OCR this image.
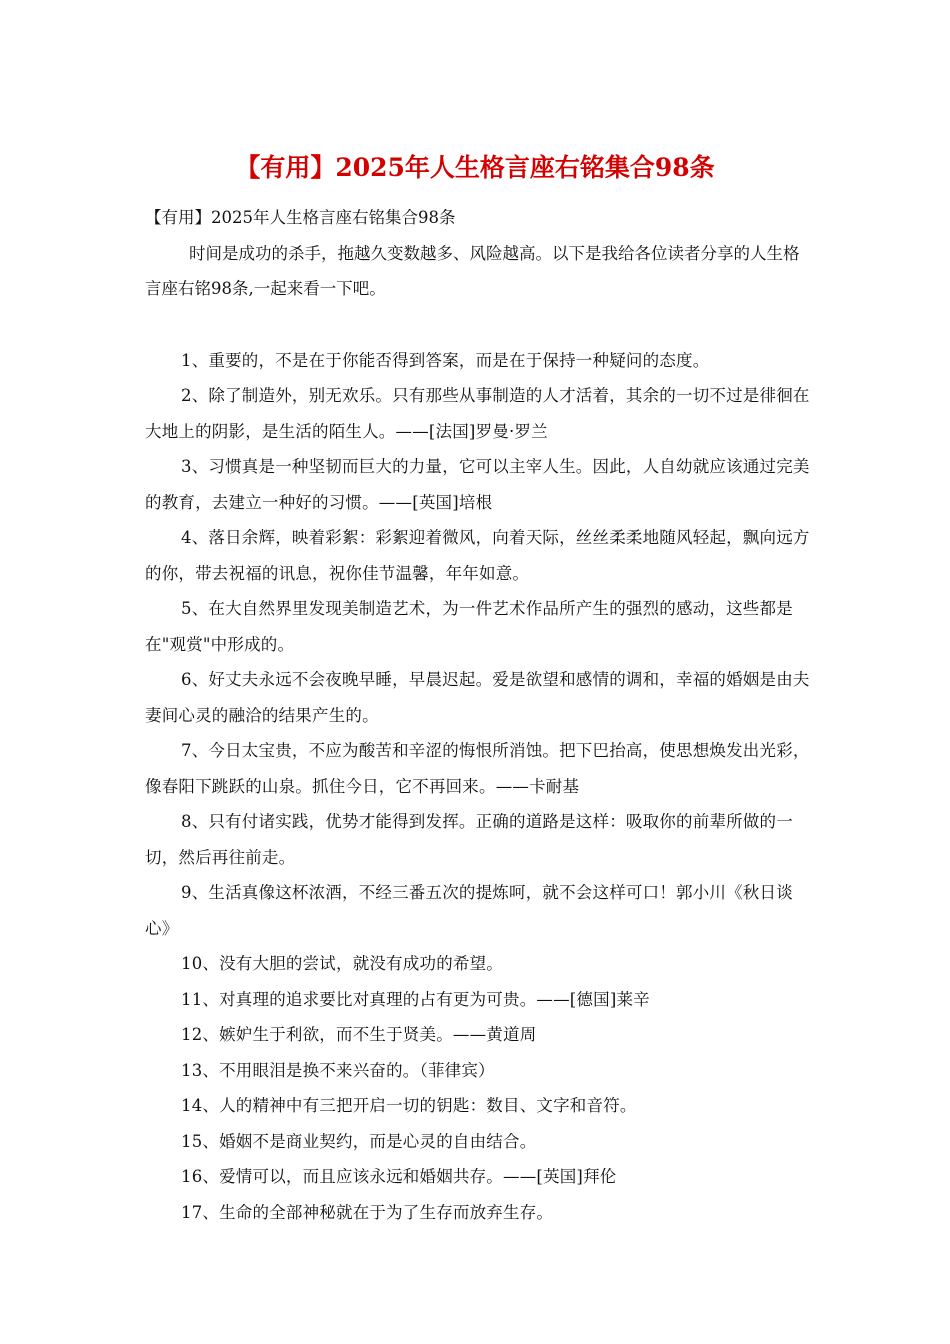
【有用】2025年人生格言座右铭集合98条

【有用】2025年人生格言座右铭集合98条

时间是成功的杀手，拖越久变数越多、风险越高。以下是我给各位读者分享的人生格言座右铭98条,一起来看一下吧。

1、重要的，不是在于你能否得到答案，而是在于保持一种疑问的态度。

2、除了制造外，别无欢乐。只有那些从事制造的人才活着，其余的一切不过是徘徊在大地上的阴影，是生活的陌生人。——[法国]罗曼·罗兰

3、习惯真是一种坚韧而巨大的力量，它可以主宰人生。因此，人自幼就应该通过完美的教育，去建立一种好的习惯。——[英国]培根

4、落日余辉，映着彩絮：彩絮迎着微风，向着天际，丝丝柔柔地随风轻起，飘向远方的你，带去祝福的讯息，祝你佳节温馨，年年如意。

5、在大自然界里发现美制造艺术，为一件艺术作品所产生的强烈的感动，这些都是在"观赏"中形成的。

6、好丈夫永远不会夜晚早睡，早晨迟起。爱是欲望和感情的调和，幸福的婚姻是由夫妻间心灵的融洽的结果产生的。

7、今日太宝贵，不应为酸苦和辛涩的悔恨所消蚀。把下巴抬高，使思想焕发出光彩，像春阳下跳跃的山泉。抓住今日，它不再回来。——卡耐基

8、只有付诸实践，优势才能得到发挥。正确的道路是这样：吸取你的前辈所做的一切，然后再往前走。

9、生活真像这杯浓酒，不经三番五次的提炼呵，就不会这样可口！郭小川《秋日谈心》

10、没有大胆的尝试，就没有成功的希望。

11、对真理的追求要比对真理的占有更为可贵。——[德国]莱辛

12、嫉妒生于利欲，而不生于贤美。——黄道周

13、不用眼泪是换不来兴奋的。（菲律宾）

14、人的精神中有三把开启一切的钥匙：数目、文字和音符。

15、婚姻不是商业契约，而是心灵的自由结合。

16、爱情可以，而且应该永远和婚姻共存。——[英国]拜伦

17、生命的全部神秘就在于为了生存而放弃生存。
